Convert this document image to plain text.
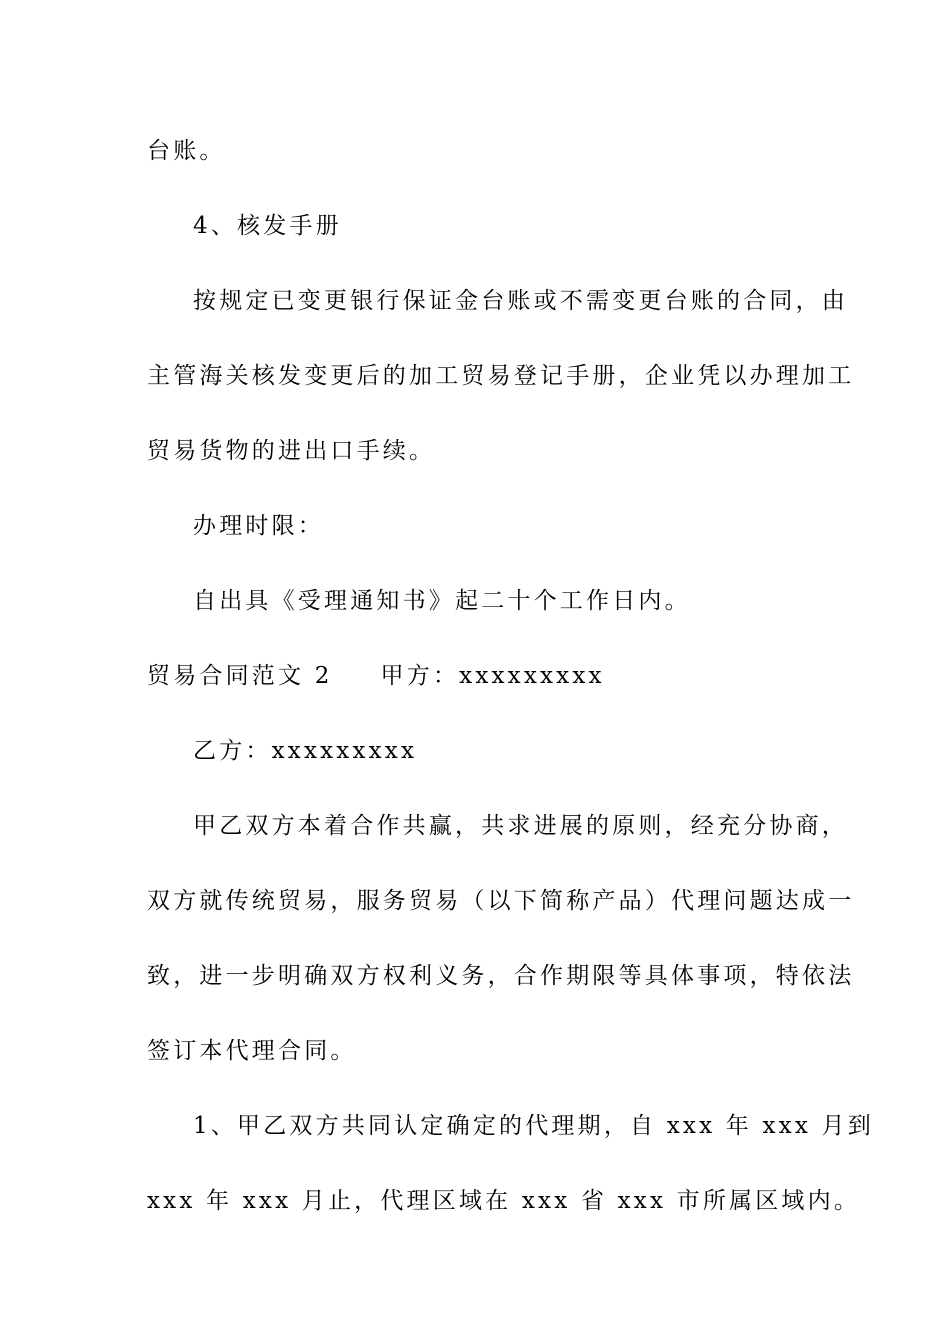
台账。
4、核发手册
按规定已变更银行保证金台账或不需变更台账的合同，由
主管海关核发变更后的加工贸易登记手册，企业凭以办理加工
贸易货物的进出口手续。
办理时限：
自出具《受理通知书》起二十个工作日内。
贸易合同范文 2 甲方：xxxxxxxxx
乙方：xxxxxxxxx
甲乙双方本着合作共赢，共求进展的原则，经充分协商，
双方就传统贸易，服务贸易（以下简称产品）代理问题达成一
致，进一步明确双方权利义务，合作期限等具体事项，特依法
签订本代理合同。
1、甲乙双方共同认定确定的代理期，自 xxx 年 xxx 月到
xxx 年 xxx 月止，代理区域在 xxx 省 xxx 市所属区域内。
